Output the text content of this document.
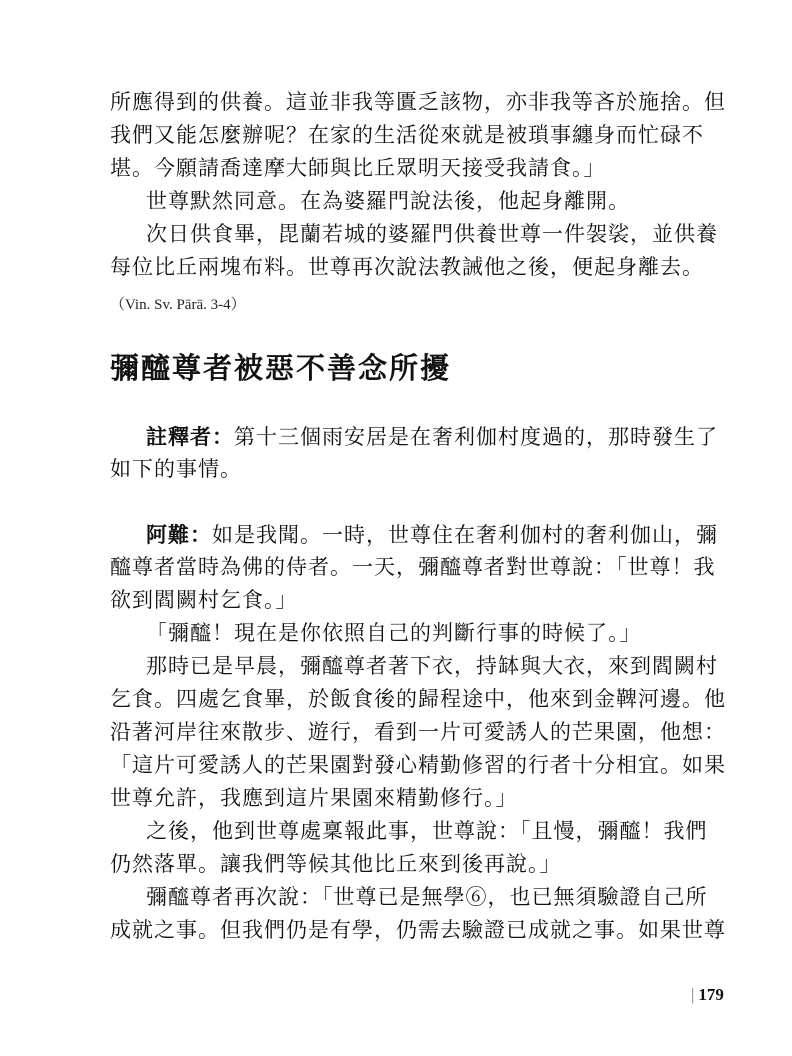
所應得到的供養。這並非我等匱乏該物，亦非我等吝於施捨。但
我們又能怎麼辦呢？在家的生活從來就是被瑣事纏身而忙碌不
堪。今願請喬達摩大師與比丘眾明天接受我請食。」
世尊默然同意。在為婆羅門說法後，他起身離開。
次日供食畢，毘蘭若城的婆羅門供養世尊一件袈裟，並供養
每位比丘兩塊布料。世尊再次說法教誡他之後，便起身離去。
（Vin. Sv. Pārā. 3-4）
彌醯尊者被惡不善念所擾
註釋者：第十三個雨安居是在奢利伽村度過的，那時發生了
如下的事情。
阿難：如是我聞。一時，世尊住在奢利伽村的奢利伽山，彌
醯尊者當時為佛的侍者。一天，彌醯尊者對世尊說：「世尊！我
欲到閻闕村乞食。」
「彌醯！現在是你依照自己的判斷行事的時候了。」
那時已是早晨，彌醯尊者著下衣，持缽與大衣，來到閻闕村
乞食。四處乞食畢，於飯食後的歸程途中，他來到金鞞河邊。他
沿著河岸往來散步、遊行，看到一片可愛誘人的芒果園，他想：
「這片可愛誘人的芒果園對發心精勤修習的行者十分相宜。如果
世尊允許，我應到這片果園來精勤修行。」
之後，他到世尊處稟報此事，世尊說：「且慢，彌醯！我們
仍然落單。讓我們等候其他比丘來到後再說。」
彌醯尊者再次說：「世尊已是無學⑥，也已無須驗證自己所
成就之事。但我們仍是有學，仍需去驗證已成就之事。如果世尊
| 179
